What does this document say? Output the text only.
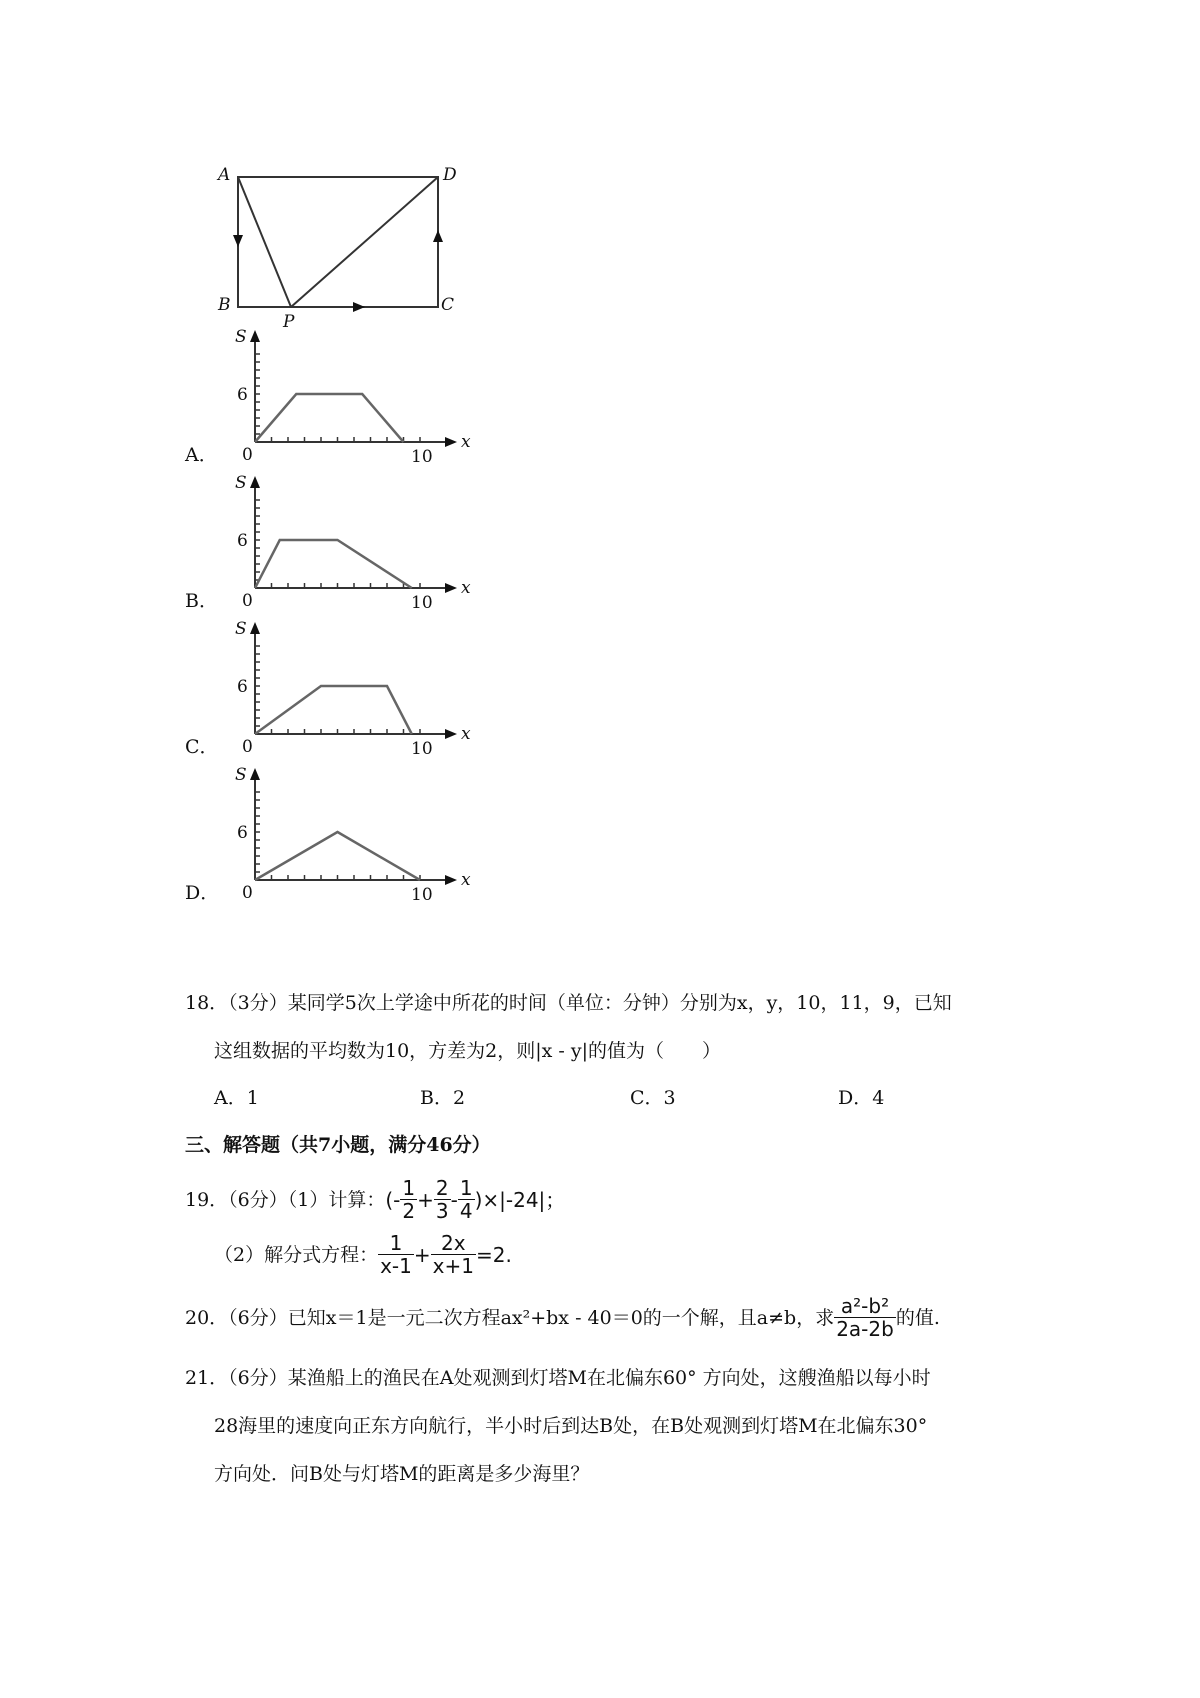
A	D
B
P
C
A．
S
x
0
6
10
B．
S
x
0
6
10
C．
S
x
0
6
10
D．
S
x
0
6
10
18．（3分）某同学5次上学途中所花的时间（单位：分钟）分别为x，y，10，11，9，已知
这组数据的平均数为10，方差为2，则|x - y|的值为（　　）
A．1	B．2	C．3	D．4
三、解答题（共7小题，满分46分）
19．（6分）（1）计算： (- $\frac{1}{2} + \frac{2}{3} - \frac{1}{4} )\times|-24|$；
（2）解分式方程： $\frac{1}{x-1} + \frac{2x}{x+1} =2$.
20．（6分）已知x＝1是一元二次方程ax²+bx - 40＝0的一个解，且a≠b，求 $\frac{\text{a²-b²}}{2a-2b}$ 的值.
21．（6分）某渔船上的渔民在A处观测到灯塔M在北偏东60° 方向处，这艘渔船以每小时
28海里的速度向正东方向航行，半小时后到达B处，在B处观测到灯塔M在北偏东30°
方向处．问B处与灯塔M的距离是多少海里？
